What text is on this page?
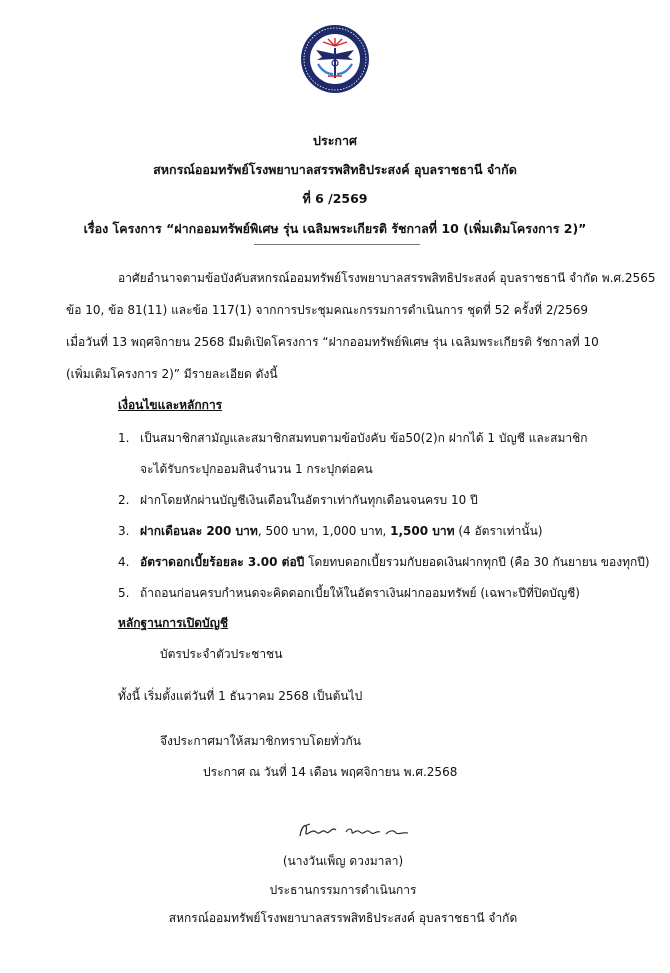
ประกาศ
สหกรณ์ออมทรัพย์โรงพยาบาลสรรพสิทธิประสงค์ อุบลราชธานี จำกัด
ที่ 6 /2569
เรื่อง โครงการ “ฝากออมทรัพย์พิเศษ รุ่น เฉลิมพระเกียรติ รัชกาลที่ 10 (เพิ่มเติมโครงการ 2)”
อาศัยอำนาจตามข้อบังคับสหกรณ์ออมทรัพย์โรงพยาบาลสรรพสิทธิประสงค์ อุบลราชธานี จำกัด พ.ศ.2565
ข้อ 10, ข้อ 81(11) และข้อ 117(1) จากการประชุมคณะกรรมการดำเนินการ ชุดที่ 52 ครั้งที่ 2/2569
เมื่อวันที่ 13 พฤศจิกายน 2568 มีมติเปิดโครงการ “ฝากออมทรัพย์พิเศษ รุ่น เฉลิมพระเกียรติ รัชกาลที่ 10
(เพิ่มเติมโครงการ 2)” มีรายละเอียด ดังนี้
เงื่อนไขและหลักการ
1. เป็นสมาชิกสามัญและสมาชิกสมทบตามข้อบังคับ ข้อ50(2)ก ฝากได้ 1 บัญชี และสมาชิก
จะได้รับกระปุกออมสินจำนวน 1 กระปุกต่อคน
2. ฝากโดยหักผ่านบัญชีเงินเดือนในอัตราเท่ากันทุกเดือนจนครบ 10 ปี
3. ฝากเดือนละ 200 บาท, 500 บาท, 1,000 บาท, 1,500 บาท (4 อัตราเท่านั้น)
4. อัตราดอกเบี้ยร้อยละ 3.00 ต่อปี โดยทบดอกเบี้ยรวมกับยอดเงินฝากทุกปี (คือ 30 กันยายน ของทุกปี)
5. ถ้าถอนก่อนครบกำหนดจะคิดดอกเบี้ยให้ในอัตราเงินฝากออมทรัพย์ (เฉพาะปีที่ปิดบัญชี)
หลักฐานการเปิดบัญชี
บัตรประจำตัวประชาชน
ทั้งนี้ เริ่มตั้งแต่วันที่ 1 ธันวาคม 2568 เป็นต้นไป
จึงประกาศมาให้สมาชิกทราบโดยทั่วกัน
ประกาศ ณ วันที่ 14 เดือน พฤศจิกายน พ.ศ.2568
(นางวันเพ็ญ ดวงมาลา)
ประธานกรรมการดำเนินการ
สหกรณ์ออมทรัพย์โรงพยาบาลสรรพสิทธิประสงค์ อุบลราชธานี จำกัด
